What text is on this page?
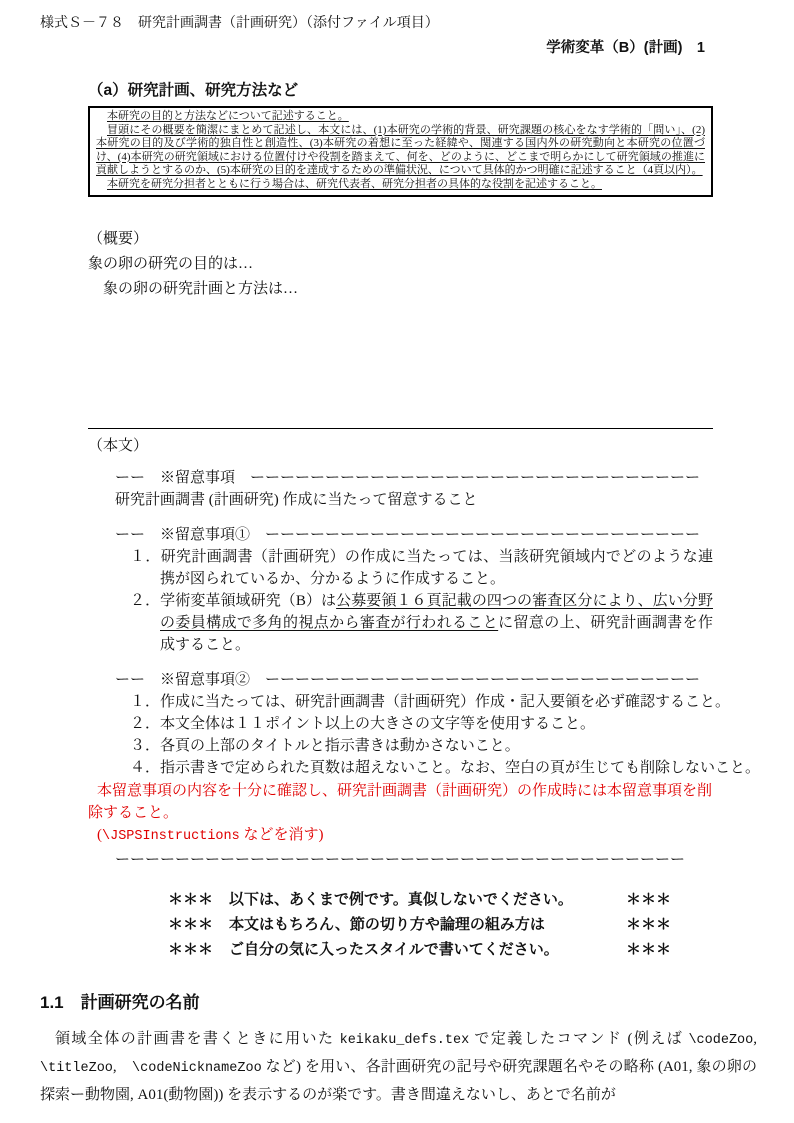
様式Ｓ－７８　研究計画調書（計画研究）（添付ファイル項目）
学術変革（B）(計画)　1
（a）研究計画、研究方法など

本研究の目的と方法などについて記述すること。

冒頭にその概要を簡潔にまとめて記述し、本文には、(1)本研究の学術的背景、研究課題の核心をなす学術的「問い」、(2)本研究の目的及び学術的独自性と創造性、(3)本研究の着想に至った経緯や、関連する国内外の研究動向と本研究の位置づけ、(4)本研究の研究領域における位置付けや役割を踏まえて、何を、どのように、どこまで明らかにして研究領域の推進に貢献しようとするのか、(5)本研究の目的を達成するための準備状況、について具体的かつ明確に記述すること（4頁以内）。

本研究を研究分担者とともに行う場合は、研究代表者、研究分担者の具体的な役割を記述すること。

（概要）
象の卵の研究の目的は…
象の卵の研究計画と方法は…
（本文）
ーー　※留意事項　ーーーーーーーーーーーーーーーーーーーーーーーーーーーーーー
研究計画調書 (計画研究) 作成に当たって留意すること
ーー　※留意事項①　ーーーーーーーーーーーーーーーーーーーーーーーーーーーーー
１．研究計画調書（計画研究）の作成に当たっては、当該研究領域内でどのような連携が図られているか、分かるように作成すること。
２．学術変革領域研究（B）は公募要領１６頁記載の四つの審査区分により、広い分野の委員構成で多角的視点から審査が行われることに留意の上、研究計画調書を作成すること。
ーー　※留意事項②　ーーーーーーーーーーーーーーーーーーーーーーーーーーーーー
１．作成に当たっては、研究計画調書（計画研究）作成・記入要領を必ず確認すること。
２．本文全体は１１ポイント以上の大きさの文字等を使用すること。
３．各頁の上部のタイトルと指示書きは動かさないこと。
４．指示書きで定められた頁数は超えないこと。なお、空白の頁が生じても削除しないこと。
本留意事項の内容を十分に確認し、研究計画調書（計画研究）の作成時には本留意事項を削除すること。
(\JSPSInstructions などを消す)
ーーーーーーーーーーーーーーーーーーーーーーーーーーーーーーーーーーーーーー
＊＊＊ 以下は、あくまで例です。真似しないでください。	＊＊＊
＊＊＊ 本文はもちろん、節の切り方や論理の組み方は	＊＊＊
＊＊＊ ご自分の気に入ったスタイルで書いてください。	＊＊＊
1.1　計画研究の名前

領域全体の計画書を書くときに用いた keikaku_defs.tex で定義したコマンド (例えば \codeZoo, \titleZoo,　\codeNicknameZoo など) を用い、各計画研究の記号や研究課題名やその略称 (A01, 象の卵の探索ー動物園, A01(動物園)) を表示するのが楽です。書き間違えないし、あとで名前が
